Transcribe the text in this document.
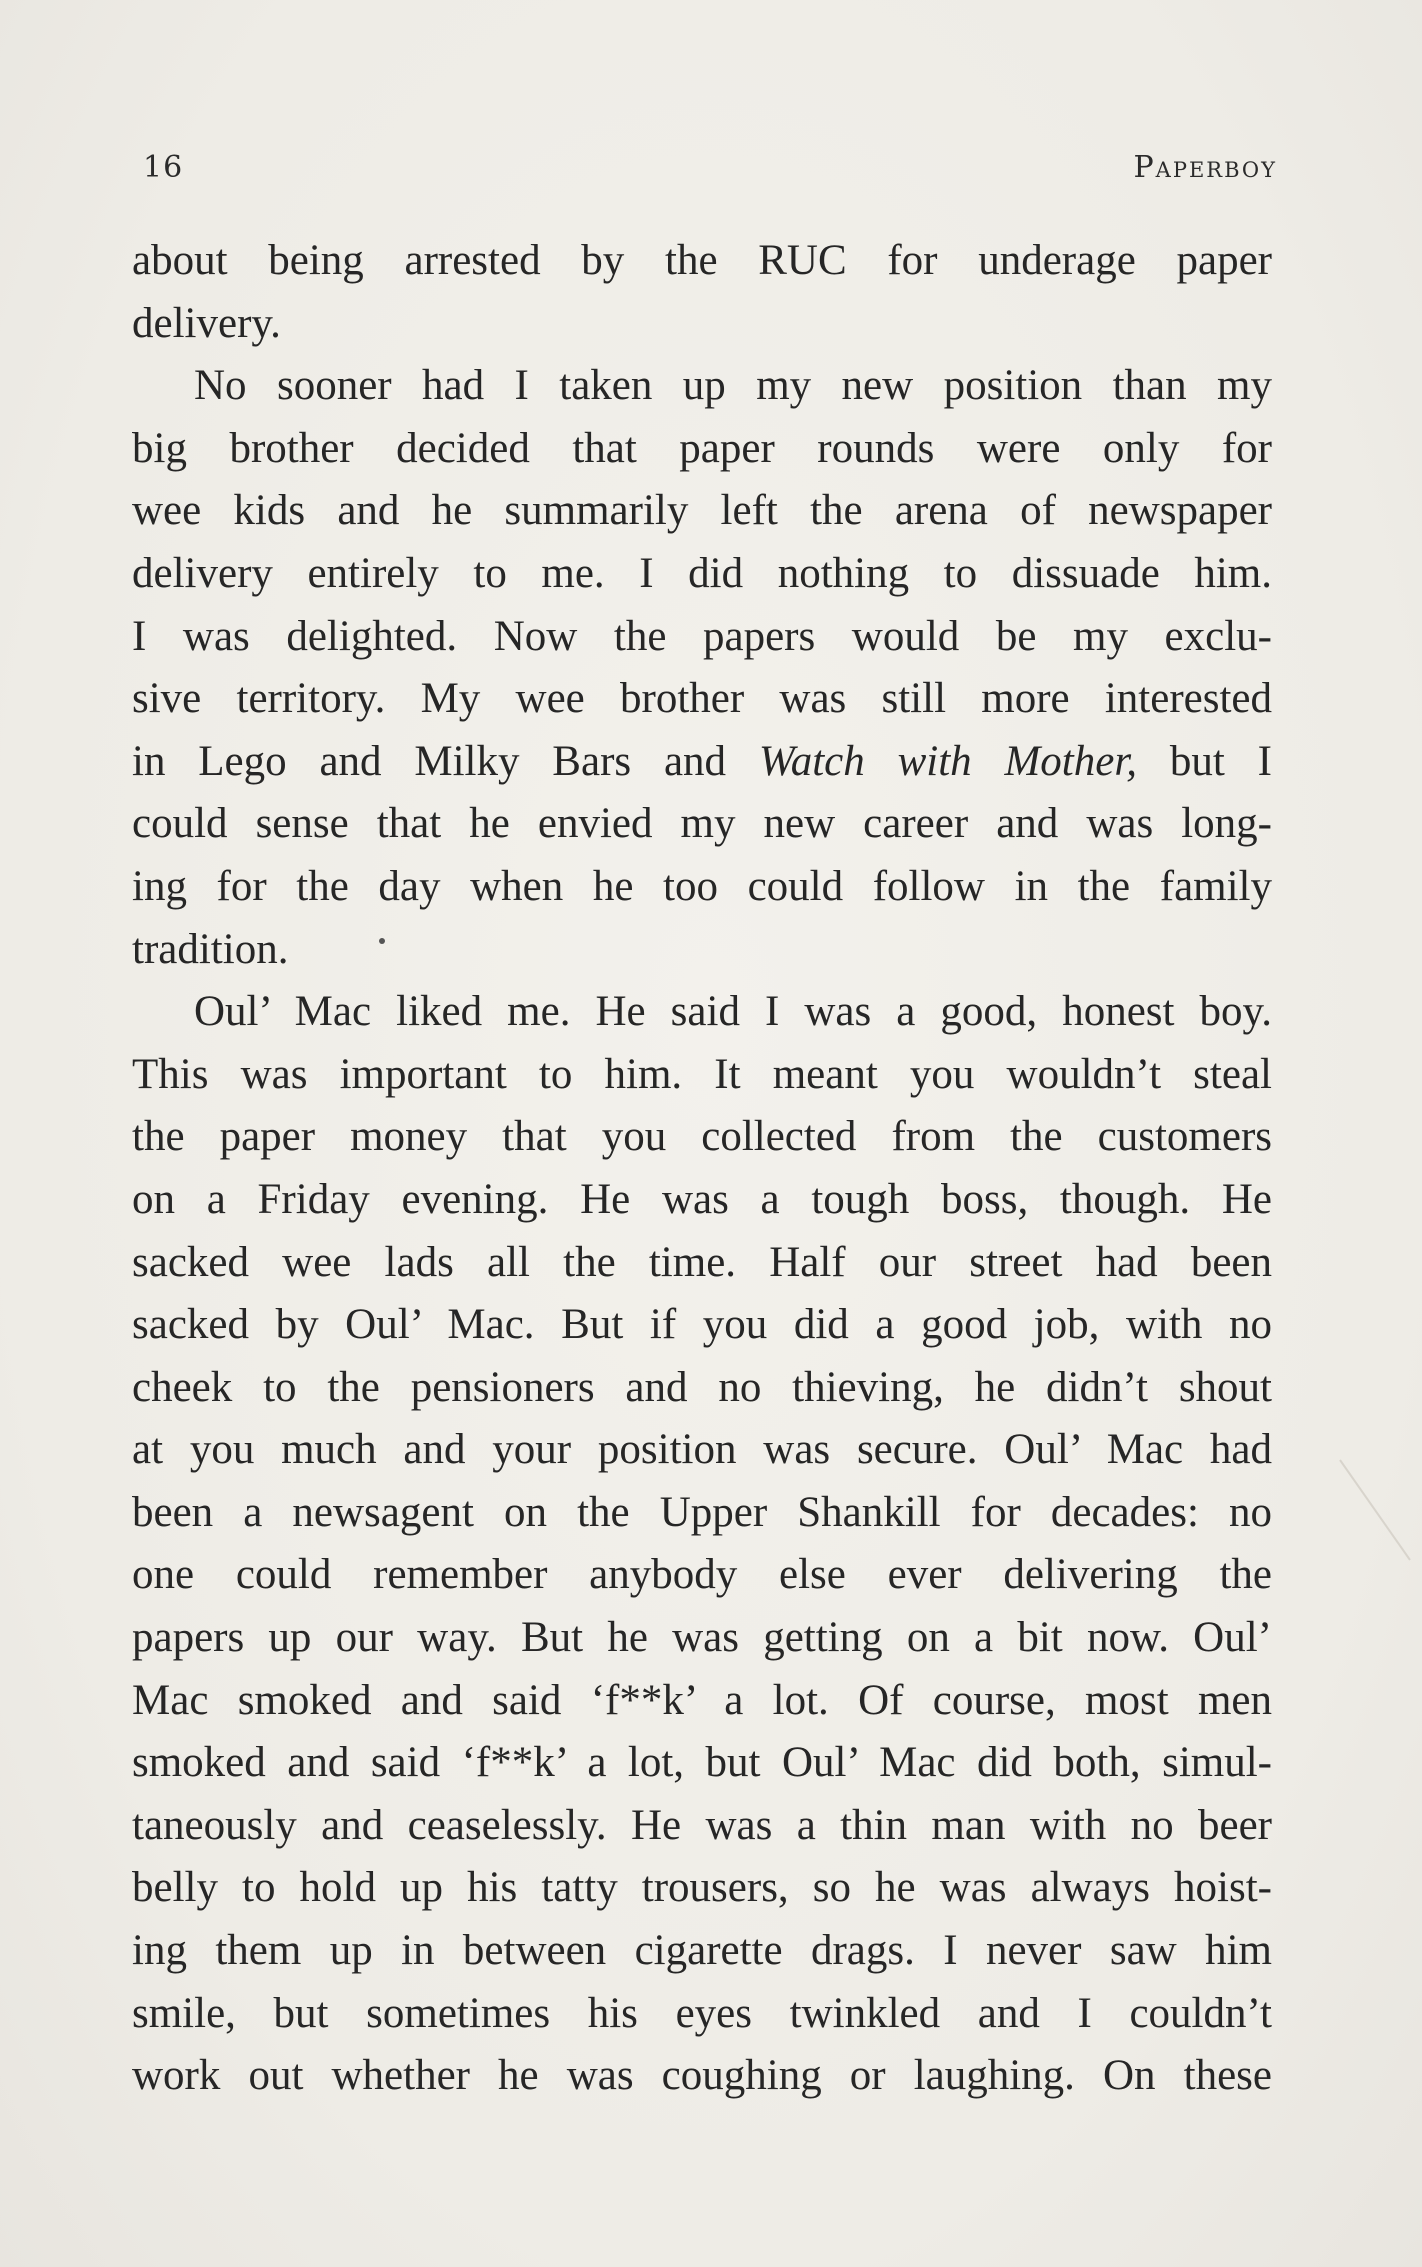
16	Paperboy
about being arrested by the RUC for underage paper
delivery.
No sooner had I taken up my new position than my
big brother decided that paper rounds were only for
wee kids and he summarily left the arena of newspaper
delivery entirely to me. I did nothing to dissuade him.
I was delighted. Now the papers would be my exclu-
sive territory. My wee brother was still more interested
in Lego and Milky Bars and Watch with Mother, but I
could sense that he envied my new career and was long-
ing for the day when he too could follow in the family
tradition.
Oul’ Mac liked me. He said I was a good, honest boy.
This was important to him. It meant you wouldn’t steal
the paper money that you collected from the customers
on a Friday evening. He was a tough boss, though. He
sacked wee lads all the time. Half our street had been
sacked by Oul’ Mac. But if you did a good job, with no
cheek to the pensioners and no thieving, he didn’t shout
at you much and your position was secure. Oul’ Mac had
been a newsagent on the Upper Shankill for decades: no
one could remember anybody else ever delivering the
papers up our way. But he was getting on a bit now. Oul’
Mac smoked and said ‘f**k’ a lot. Of course, most men
smoked and said ‘f**k’ a lot, but Oul’ Mac did both, simul-
taneously and ceaselessly. He was a thin man with no beer
belly to hold up his tatty trousers, so he was always hoist-
ing them up in between cigarette drags. I never saw him
smile, but sometimes his eyes twinkled and I couldn’t
work out whether he was coughing or laughing. On these
